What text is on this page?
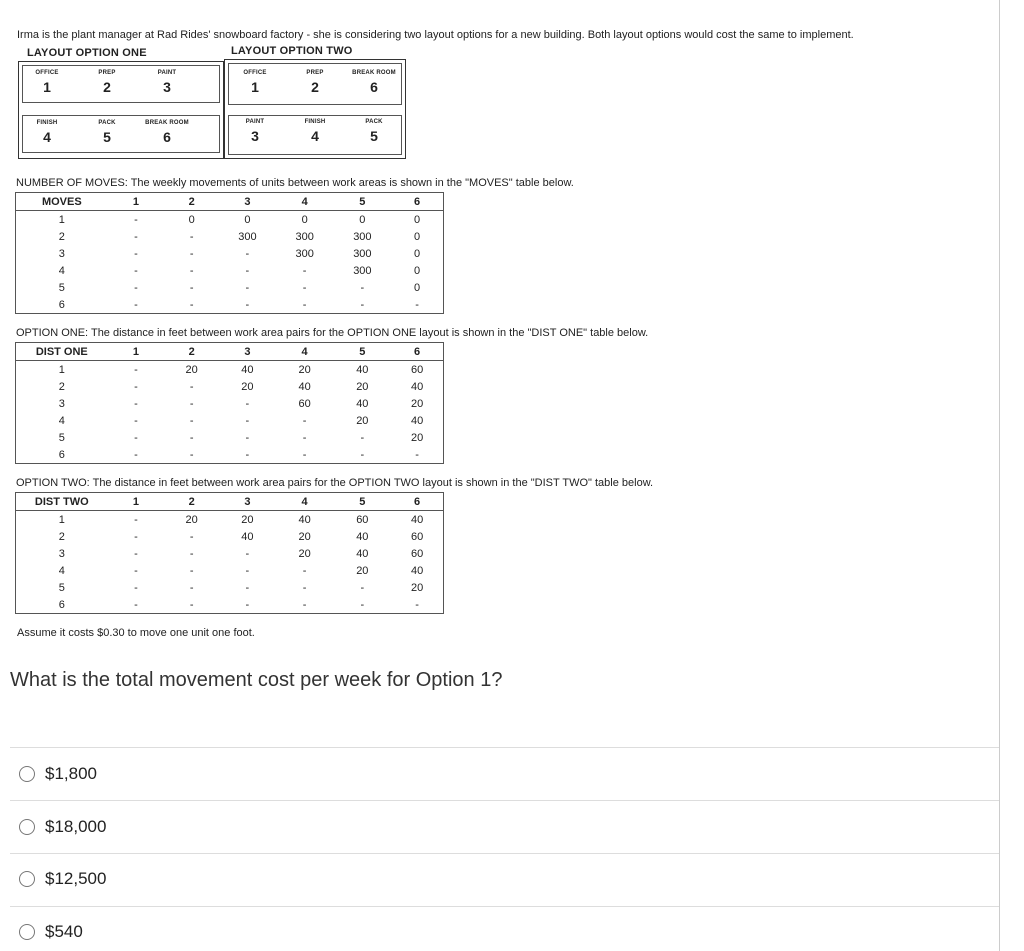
Irma is the plant manager at Rad Rides' snowboard factory - she is considering two layout options for a new building. Both layout options would cost the same to implement.
LAYOUT OPTION ONE
OFFICE
1
PREP
2
PAINT
3
FINISH
4
PACK
5
BREAK ROOM
6
LAYOUT OPTION TWO
OFFICE
1
PREP
2
BREAK ROOM
6
PAINT
3
FINISH
4
PACK
5
NUMBER OF MOVES: The weekly movements of units between work areas is shown in the "MOVES" table below.
MOVES	1	2	3	4	5	6
1	-	0	0	0	0	0
2	-	-	300	300	300	0
3	-	-	-	300	300	0
4	-	-	-	-	300	0
5	-	-	-	-	-	0
6	-	-	-	-	-	-
OPTION ONE: The distance in feet between work area pairs for the OPTION ONE layout is shown in the "DIST ONE" table below.
DIST ONE	1	2	3	4	5	6
1	-	20	40	20	40	60
2	-	-	20	40	20	40
3	-	-	-	60	40	20
4	-	-	-	-	20	40
5	-	-	-	-	-	20
6	-	-	-	-	-	-
OPTION TWO: The distance in feet between work area pairs for the OPTION TWO layout is shown in the "DIST TWO" table below.
DIST TWO	1	2	3	4	5	6
1	-	20	20	40	60	40
2	-	-	40	20	40	60
3	-	-	-	20	40	60
4	-	-	-	-	20	40
5	-	-	-	-	-	20
6	-	-	-	-	-	-
Assume it costs $0.30 to move one unit one foot.
What is the total movement cost per week for Option 1?
$1,800
$18,000
$12,500
$540
